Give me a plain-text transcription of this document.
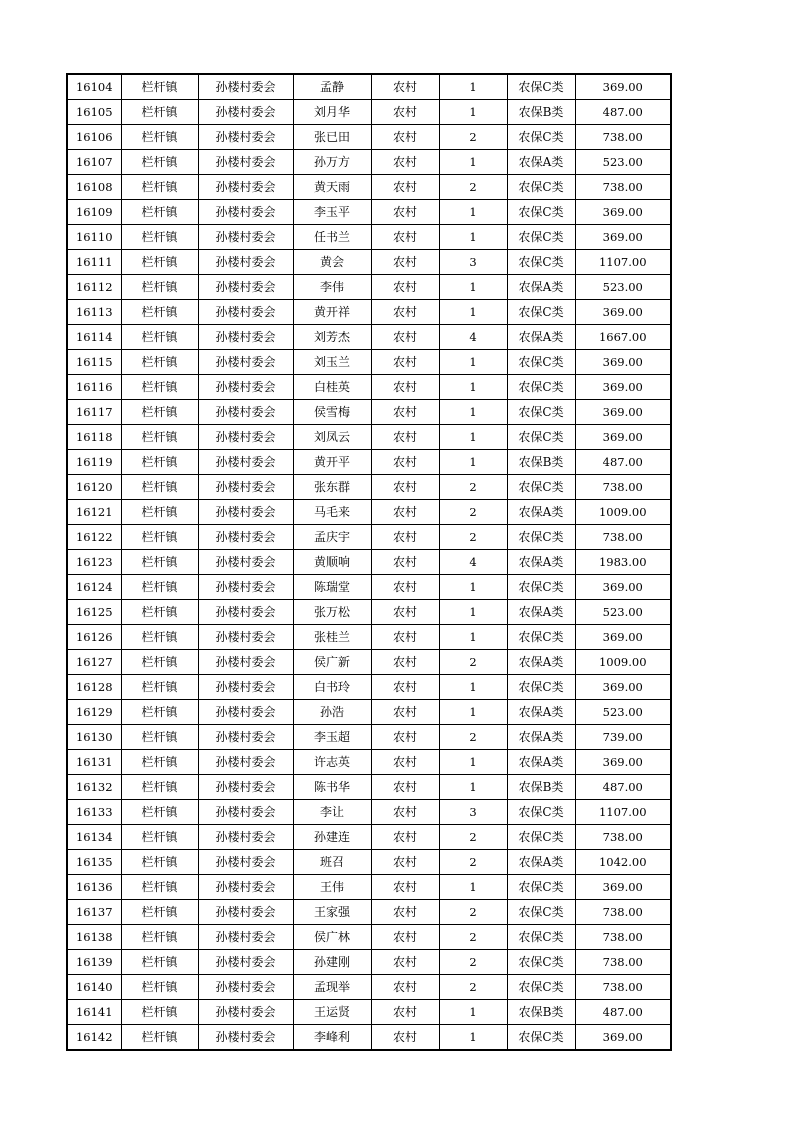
16104	栏杆镇	孙楼村委会	孟静	农村	1	农保C类	369.00
16105	栏杆镇	孙楼村委会	刘月华	农村	1	农保B类	487.00
16106	栏杆镇	孙楼村委会	张已田	农村	2	农保C类	738.00
16107	栏杆镇	孙楼村委会	孙万方	农村	1	农保A类	523.00
16108	栏杆镇	孙楼村委会	黄天雨	农村	2	农保C类	738.00
16109	栏杆镇	孙楼村委会	李玉平	农村	1	农保C类	369.00
16110	栏杆镇	孙楼村委会	任书兰	农村	1	农保C类	369.00
16111	栏杆镇	孙楼村委会	黄会	农村	3	农保C类	1107.00
16112	栏杆镇	孙楼村委会	李伟	农村	1	农保A类	523.00
16113	栏杆镇	孙楼村委会	黄开祥	农村	1	农保C类	369.00
16114	栏杆镇	孙楼村委会	刘芳杰	农村	4	农保A类	1667.00
16115	栏杆镇	孙楼村委会	刘玉兰	农村	1	农保C类	369.00
16116	栏杆镇	孙楼村委会	白桂英	农村	1	农保C类	369.00
16117	栏杆镇	孙楼村委会	侯雪梅	农村	1	农保C类	369.00
16118	栏杆镇	孙楼村委会	刘凤云	农村	1	农保C类	369.00
16119	栏杆镇	孙楼村委会	黄开平	农村	1	农保B类	487.00
16120	栏杆镇	孙楼村委会	张东群	农村	2	农保C类	738.00
16121	栏杆镇	孙楼村委会	马毛来	农村	2	农保A类	1009.00
16122	栏杆镇	孙楼村委会	孟庆宇	农村	2	农保C类	738.00
16123	栏杆镇	孙楼村委会	黄顺响	农村	4	农保A类	1983.00
16124	栏杆镇	孙楼村委会	陈瑞堂	农村	1	农保C类	369.00
16125	栏杆镇	孙楼村委会	张万松	农村	1	农保A类	523.00
16126	栏杆镇	孙楼村委会	张桂兰	农村	1	农保C类	369.00
16127	栏杆镇	孙楼村委会	侯广新	农村	2	农保A类	1009.00
16128	栏杆镇	孙楼村委会	白书玲	农村	1	农保C类	369.00
16129	栏杆镇	孙楼村委会	孙浩	农村	1	农保A类	523.00
16130	栏杆镇	孙楼村委会	李玉超	农村	2	农保A类	739.00
16131	栏杆镇	孙楼村委会	许志英	农村	1	农保A类	369.00
16132	栏杆镇	孙楼村委会	陈书华	农村	1	农保B类	487.00
16133	栏杆镇	孙楼村委会	李让	农村	3	农保C类	1107.00
16134	栏杆镇	孙楼村委会	孙建连	农村	2	农保C类	738.00
16135	栏杆镇	孙楼村委会	班召	农村	2	农保A类	1042.00
16136	栏杆镇	孙楼村委会	王伟	农村	1	农保C类	369.00
16137	栏杆镇	孙楼村委会	王家强	农村	2	农保C类	738.00
16138	栏杆镇	孙楼村委会	侯广林	农村	2	农保C类	738.00
16139	栏杆镇	孙楼村委会	孙建刚	农村	2	农保C类	738.00
16140	栏杆镇	孙楼村委会	孟现举	农村	2	农保C类	738.00
16141	栏杆镇	孙楼村委会	王运贤	农村	1	农保B类	487.00
16142	栏杆镇	孙楼村委会	李峰利	农村	1	农保C类	369.00
